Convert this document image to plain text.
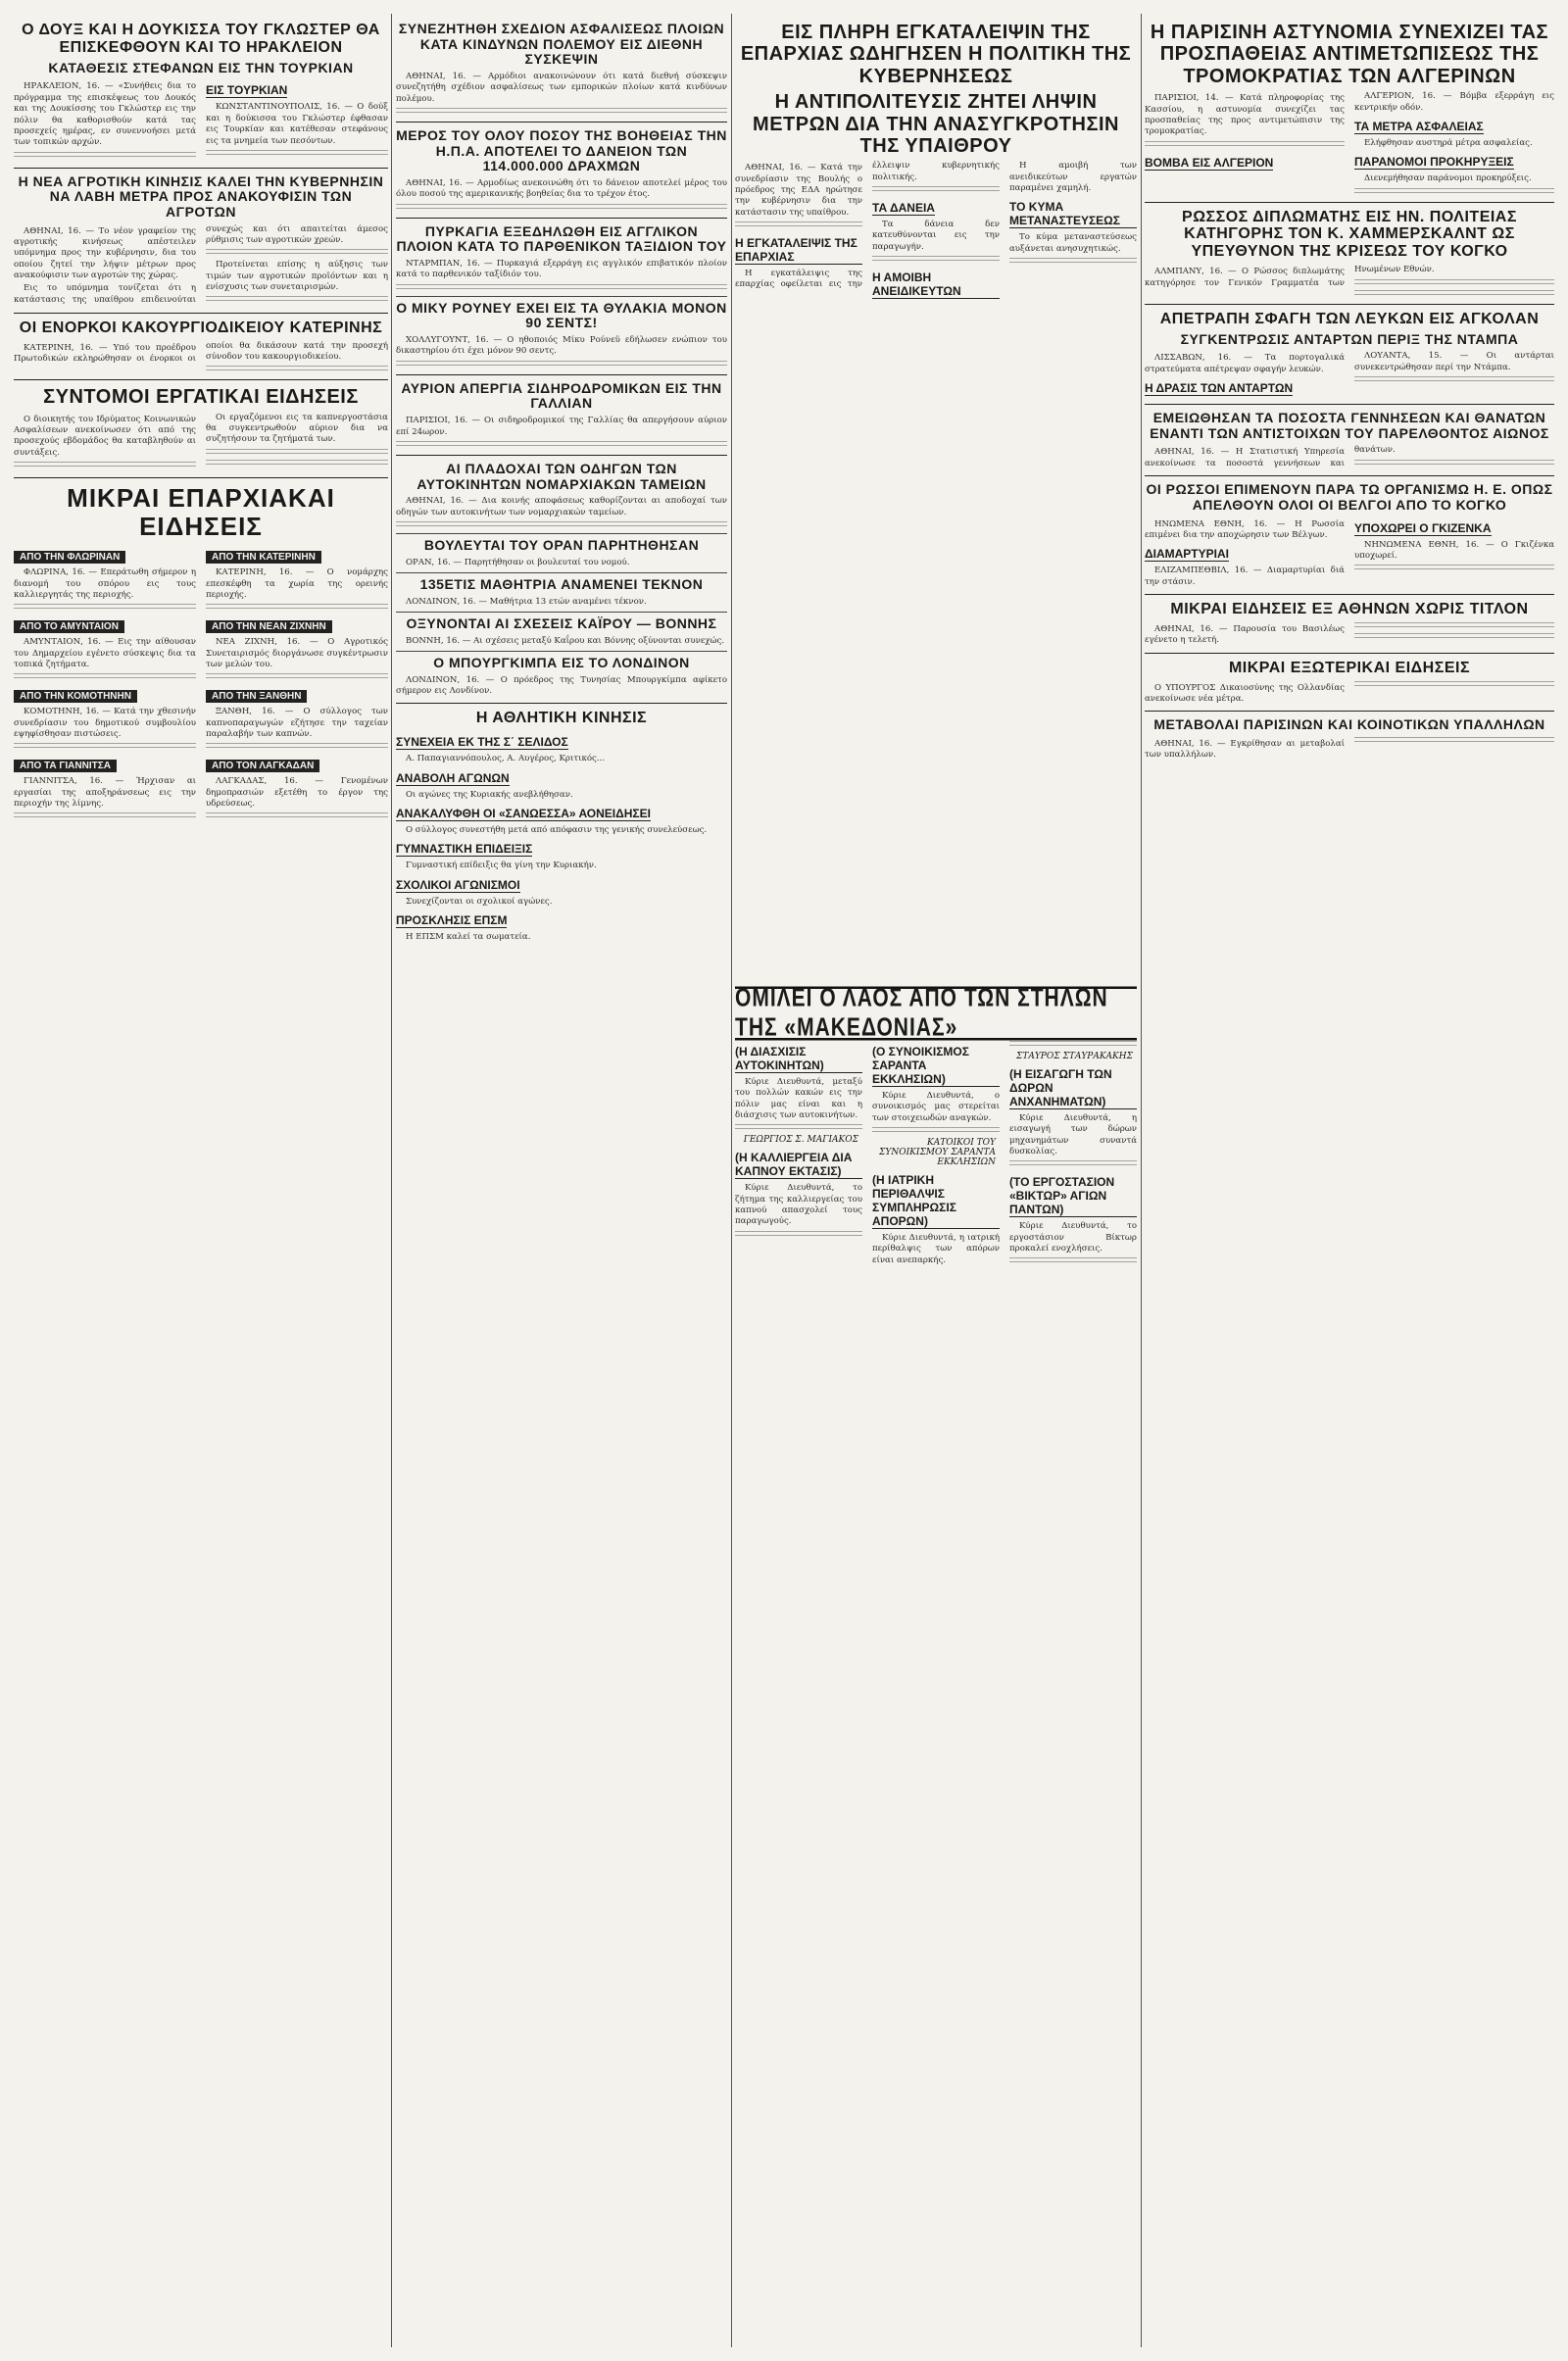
Ο ΔΟΥΞ ΚΑΙ Η ΔΟΥΚΙΣΣΑ ΤΟΥ ΓΚΛΩΣΤΕΡ ΘΑ ΕΠΙΣΚΕΦΘΟΥΝ ΚΑΙ ΤΟ ΗΡΑΚΛΕΙΟΝ
ΚΑΤΑΘΕΣΙΣ ΣΤΕΦΑΝΩΝ ΕΙΣ ΤΗΝ ΤΟΥΡΚΙΑΝ

ΗΡΑΚΛΕΙΟΝ, 16. — «Συνήθεις δια το πρόγραμμα της επισκέψεως του Δουκός και της Δουκίσσης του Γκλώστερ εις την πόλιν θα καθορισθούν κατά τας προσεχείς ημέρας, εν συνεννοήσει μετά των τοπικών αρχών.

ΕΙΣ ΤΟΥΡΚΙΑΝ

ΚΩΝΣΤΑΝΤΙΝΟΥΠΟΛΙΣ, 16. — Ο δούξ και η δούκισσα του Γκλώστερ έφθασαν εις Τουρκίαν και κατέθεσαν στεφάνους εις τα μνημεία των πεσόντων.

Η ΝΕΑ ΑΓΡΟΤΙΚΗ ΚΙΝΗΣΙΣ ΚΑΛΕΙ ΤΗΝ ΚΥΒΕΡΝΗΣΙΝ ΝΑ ΛΑΒΗ ΜΕΤΡΑ ΠΡΟΣ ΑΝΑΚΟΥΦΙΣΙΝ ΤΩΝ ΑΓΡΟΤΩΝ

ΑΘΗΝΑΙ, 16. — Το νέον γραφείον της αγροτικής κινήσεως απέστειλεν υπόμνημα προς την κυβέρνησιν, δια του οποίου ζητεί την λήψιν μέτρων προς ανακούφισιν των αγροτών της χώρας.

Εις το υπόμνημα τονίζεται ότι η κατάστασις της υπαίθρου επιδεινούται συνεχώς και ότι απαιτείται άμεσος ρύθμισις των αγροτικών χρεών.

Προτείνεται επίσης η αύξησις των τιμών των αγροτικών προϊόντων και η ενίσχυσις των συνεταιρισμών.

ΟΙ ΕΝΟΡΚΟΙ ΚΑΚΟΥΡΓΙΟΔΙΚΕΙΟΥ ΚΑΤΕΡΙΝΗΣ

ΚΑΤΕΡΙΝΗ, 16. — Υπό του προέδρου Πρωτοδικών εκληρώθησαν οι ένορκοι οι οποίοι θα δικάσουν κατά την προσεχή σύνοδον του κακουργιοδικείου.

ΣΥΝΤΟΜΟΙ ΕΡΓΑΤΙΚΑΙ ΕΙΔΗΣΕΙΣ

Ο διοικητής του Ιδρύματος Κοινωνικών Ασφαλίσεων ανεκοίνωσεν ότι από της προσεχούς εβδομάδος θα καταβληθούν αι συντάξεις.

Οι εργαζόμενοι εις τα καπνεργοστάσια θα συγκεντρωθούν αύριον δια να συζητήσουν τα ζητήματά των.

ΜΙΚΡΑΙ ΕΠΑΡΧΙΑΚΑΙ ΕΙΔΗΣΕΙΣ
ΑΠΟ ΤΗΝ ΦΛΩΡΙΝΑΝ

ΦΛΩΡΙΝΑ, 16. — Επεράτωθη σήμερον η διανομή του σπόρου εις τους καλλιεργητάς της περιοχής.

ΑΠΟ ΤΟ ΑΜΥΝΤΑΙΟΝ

ΑΜΥΝΤΑΙΟΝ, 16. — Εις την αίθουσαν του Δημαρχείου εγένετο σύσκεψις δια τα τοπικά ζητήματα.

ΑΠΟ ΤΗΝ ΚΟΜΟΤΗΝΗΝ

ΚΟΜΟΤΗΝΗ, 16. — Κατά την χθεσινήν συνεδρίασιν του δημοτικού συμβουλίου εψηφίσθησαν πιστώσεις.

ΑΠΟ ΤΑ ΓΙΑΝΝΙΤΣΑ

ΓΙΑΝΝΙΤΣΑ, 16. — Ήρχισαν αι εργασίαι της αποξηράνσεως εις την περιοχήν της λίμνης.

ΑΠΟ ΤΗΝ ΚΑΤΕΡΙΝΗΝ

ΚΑΤΕΡΙΝΗ, 16. — Ο νομάρχης επεσκέφθη τα χωρία της ορεινής περιοχής.

ΑΠΟ ΤΗΝ ΝΕΑΝ ΖΙΧΝΗΝ

ΝΕΑ ΖΙΧΝΗ, 16. — Ο Αγροτικός Συνεταιρισμός διοργάνωσε συγκέντρωσιν των μελών του.

ΑΠΟ ΤΗΝ ΞΑΝΘΗΝ

ΞΑΝΘΗ, 16. — Ο σύλλογος των καπνοπαραγωγών εζήτησε την ταχείαν παραλαβήν των καπνών.

ΑΠΟ ΤΟΝ ΛΑΓΚΑΔΑΝ

ΛΑΓΚΑΔΑΣ, 16. — Γενομένων δημοπρασιών εξετέθη το έργον της υδρεύσεως.

ΣΥΝΕΖΗΤΗΘΗ ΣΧΕΔΙΟΝ ΑΣΦΑΛΙΣΕΩΣ ΠΛΟΙΩΝ ΚΑΤΑ ΚΙΝΔΥΝΩΝ ΠΟΛΕΜΟΥ ΕΙΣ ΔΙΕΘΝΗ ΣΥΣΚΕΨΙΝ

ΑΘΗΝΑΙ, 16. — Αρμόδιοι ανακοινώνουν ότι κατά διεθνή σύσκεψιν συνεζητήθη σχέδιον ασφαλίσεως των εμπορικών πλοίων κατά κινδύνων πολέμου.

ΜΕΡΟΣ ΤΟΥ ΟΛΟΥ ΠΟΣΟΥ ΤΗΣ ΒΟΗΘΕΙΑΣ ΤΗΝ Η.Π.Α. ΑΠΟΤΕΛΕΙ ΤΟ ΔΑΝΕΙΟΝ ΤΩΝ 114.000.000 ΔΡΑΧΜΩΝ

ΑΘΗΝΑΙ, 16. — Αρμοδίως ανεκοινώθη ότι το δάνειον αποτελεί μέρος του όλου ποσού της αμερικανικής βοηθείας δια το τρέχον έτος.

ΠΥΡΚΑΓΙΑ ΕΞΕΔΗΛΩΘΗ ΕΙΣ ΑΓΓΛΙΚΟΝ ΠΛΟΙΟΝ ΚΑΤΑ ΤΟ ΠΑΡΘΕΝΙΚΟΝ ΤΑΞΙΔΙΟΝ ΤΟΥ

ΝΤΑΡΜΠΑΝ, 16. — Πυρκαγιά εξερράγη εις αγγλικόν επιβατικόν πλοίον κατά το παρθενικόν ταξίδιόν του.

Ο ΜΙΚΥ ΡΟΥΝΕΥ ΕΧΕΙ ΕΙΣ ΤΑ ΘΥΛΑΚΙΑ ΜΟΝΟΝ 90 ΣΕΝΤΣ!

ΧΟΛΛΥΓΟΥΝΤ, 16. — Ο ηθοποιός Μίκυ Ρούνεϋ εδήλωσεν ενώπιον του δικαστηρίου ότι έχει μόνον 90 σεντς.

ΑΥΡΙΟΝ ΑΠΕΡΓΙΑ ΣΙΔΗΡΟΔΡΟΜΙΚΩΝ ΕΙΣ ΤΗΝ ΓΑΛΛΙΑΝ

ΠΑΡΙΣΙΟΙ, 16. — Οι σιδηροδρομικοί της Γαλλίας θα απεργήσουν αύριον επί 24ωρον.

ΑΙ ΠΛΑΔΟΧΑΙ ΤΩΝ ΟΔΗΓΩΝ ΤΩΝ ΑΥΤΟΚΙΝΗΤΩΝ ΝΟΜΑΡΧΙΑΚΩΝ ΤΑΜΕΙΩΝ

ΑΘΗΝΑΙ, 16. — Δια κοινής αποφάσεως καθορίζονται αι αποδοχαί των οδηγών των αυτοκινήτων των νομαρχιακών ταμείων.

ΒΟΥΛΕΥΤΑΙ ΤΟΥ ΟΡΑΝ ΠΑΡΗΤΗΘΗΣΑΝ

ΟΡΑΝ, 16. — Παρητήθησαν οι βουλευταί του νομού.

135ΕΤΙΣ ΜΑΘΗΤΡΙΑ ΑΝΑΜΕΝΕΙ ΤΕΚΝΟΝ

ΛΟΝΔΙΝΟΝ, 16. — Μαθήτρια 13 ετών αναμένει τέκνον.

ΟΞΥΝΟΝΤΑΙ ΑΙ ΣΧΕΣΕΙΣ ΚΑΪΡΟΥ — ΒΟΝΝΗΣ

ΒΟΝΝΗ, 16. — Αι σχέσεις μεταξύ Καΐρου και Βόννης οξύνονται συνεχώς.

Ο ΜΠΟΥΡΓΚΙΜΠΑ ΕΙΣ ΤΟ ΛΟΝΔΙΝΟΝ

ΛΟΝΔΙΝΟΝ, 16. — Ο πρόεδρος της Τυνησίας Μπουργκίμπα αφίκετο σήμερον εις Λονδίνον.

Η ΑΘΛΗΤΙΚΗ ΚΙΝΗΣΙΣ
ΣΥΝΕΧΕΙΑ ΕΚ ΤΗΣ Σ΄ ΣΕΛΙΔΟΣ

Α. Παπαγιαννόπουλος, Α. Αυγέρος, Κριτικός...

ΑΝΑΒΟΛΗ ΑΓΩΝΩΝ

Οι αγώνες της Κυριακής ανεβλήθησαν.

ΑΝΑΚΑΛΥΦΘΗ ΟΙ «ΣΑΝΩΕΣΣΑ» ΑΟΝΕΙΔΗΣΕΙ

Ο σύλλογος συνεστήθη μετά από απόφασιν της γενικής συνελεύσεως.

ΓΥΜΝΑΣΤΙΚΗ ΕΠΙΔΕΙΞΙΣ

Γυμναστική επίδειξις θα γίνη την Κυριακήν.

ΣΧΟΛΙΚΟΙ ΑΓΩΝΙΣΜΟΙ

Συνεχίζονται οι σχολικοί αγώνες.

ΠΡΟΣΚΛΗΣΙΣ ΕΠΣΜ

Η ΕΠΣΜ καλεί τα σωματεία.

ΕΙΣ ΠΛΗΡΗ ΕΓΚΑΤΑΛΕΙΨΙΝ ΤΗΣ ΕΠΑΡΧΙΑΣ ΩΔΗΓΗΣΕΝ Η ΠΟΛΙΤΙΚΗ ΤΗΣ ΚΥΒΕΡΝΗΣΕΩΣ
Η ΑΝΤΙΠΟΛΙΤΕΥΣΙΣ ΖΗΤΕΙ ΛΗΨΙΝ ΜΕΤΡΩΝ ΔΙΑ ΤΗΝ ΑΝΑΣΥΓΚΡΟΤΗΣΙΝ ΤΗΣ ΥΠΑΙΘΡΟΥ

ΑΘΗΝΑΙ, 16. — Κατά την συνεδρίασιν της Βουλής ο πρόεδρος της ΕΔΑ ηρώτησε την κυβέρνησιν δια την κατάστασιν της υπαίθρου.

Η ΕΓΚΑΤΑΛΕΙΨΙΣ ΤΗΣ ΕΠΑΡΧΙΑΣ

Η εγκατάλειψις της επαρχίας οφείλεται εις την έλλειψιν κυβερνητικής πολιτικής.

ΤΑ ΔΑΝΕΙΑ

Τα δάνεια δεν κατευθύνονται εις την παραγωγήν.

Η ΑΜΟΙΒΗ ΑΝΕΙΔΙΚΕΥΤΩΝ

Η αμοιβή των ανειδικεύτων εργατών παραμένει χαμηλή.

ΤΟ ΚΥΜΑ ΜΕΤΑΝΑΣΤΕΥΣΕΩΣ

Το κύμα μεταναστεύσεως αυξάνεται ανησυχητικώς.

ΟΜΙΛΕΙ Ο ΛΑΟΣ ΑΠΟ ΤΩΝ ΣΤΗΛΩΝ ΤΗΣ «ΜΑΚΕΔΟΝΙΑΣ»
(Η ΔΙΑΣΧΙΣΙΣ ΑΥΤΟΚΙΝΗΤΩΝ)

Κύριε Διευθυντά, μεταξύ του πολλών κακών εις την πόλιν μας είναι και η διάσχισις των αυτοκινήτων.

ΓΕΩΡΓΙΟΣ Σ. ΜΑΓΙΑΚΟΣ
(Η ΚΑΛΛΙΕΡΓΕΙΑ ΔΙΑ ΚΑΠΝΟΥ ΕΚΤΑΣΙΣ)

Κύριε Διευθυντά, το ζήτημα της καλλιεργείας του καπνού απασχολεί τους παραγωγούς.

(Ο ΣΥΝΟΙΚΙΣΜΟΣ ΣΑΡΑΝΤΑ ΕΚΚΛΗΣΙΩΝ)

Κύριε Διευθυντά, ο συνοικισμός μας στερείται των στοιχειωδών αναγκών.

ΚΑΤΟΙΚΟΙ ΤΟΥ ΣΥΝΟΙΚΙΣΜΟΥ ΣΑΡΑΝΤΑ ΕΚΚΛΗΣΙΩΝ
(Η ΙΑΤΡΙΚΗ ΠΕΡΙΘΑΛΨΙΣ ΣΥΜΠΛΗΡΩΣΙΣ ΑΠΟΡΩΝ)

Κύριε Διευθυντά, η ιατρική περίθαλψις των απόρων είναι ανεπαρκής.

ΣΤΑΥΡΟΣ ΣΤΑΥΡΑΚΑΚΗΣ
(Η ΕΙΣΑΓΩΓΗ ΤΩΝ ΔΩΡΩΝ ΑΝΧΑΝΗΜΑΤΩΝ)

Κύριε Διευθυντά, η εισαγωγή των δώρων μηχανημάτων συναντά δυσκολίας.

(ΤΟ ΕΡΓΟΣΤΑΣΙΟΝ «ΒΙΚΤΩΡ» ΑΓΙΩΝ ΠΑΝΤΩΝ)

Κύριε Διευθυντά, το εργοστάσιον Βίκτωρ προκαλεί ενοχλήσεις.

Η ΠΑΡΙΣΙΝΗ ΑΣΤΥΝΟΜΙΑ ΣΥΝΕΧΙΖΕΙ ΤΑΣ ΠΡΟΣΠΑΘΕΙΑΣ ΑΝΤΙΜΕΤΩΠΙΣΕΩΣ ΤΗΣ ΤΡΟΜΟΚΡΑΤΙΑΣ ΤΩΝ ΑΛΓΕΡΙΝΩΝ

ΠΑΡΙΣΙΟΙ, 14. — Κατά πληροφορίας της Κασσίου, η αστυνομία συνεχίζει τας προσπαθείας της προς αντιμετώπισιν της τρομοκρατίας.

ΒΟΜΒΑ ΕΙΣ ΑΛΓΕΡΙΟΝ

ΑΛΓΕΡΙΟΝ, 16. — Βόμβα εξερράγη εις κεντρικήν οδόν.

ΤΑ ΜΕΤΡΑ ΑΣΦΑΛΕΙΑΣ

Ελήφθησαν αυστηρά μέτρα ασφαλείας.

ΠΑΡΑΝΟΜΟΙ ΠΡΟΚΗΡΥΞΕΙΣ

Διενεμήθησαν παράνομοι προκηρύξεις.

ΡΩΣΣΟΣ ΔΙΠΛΩΜΑΤΗΣ ΕΙΣ ΗΝ. ΠΟΛΙΤΕΙΑΣ ΚΑΤΗΓΟΡΗΣ ΤΟΝ Κ. ΧΑΜΜΕΡΣΚΑΛΝΤ ΩΣ ΥΠΕΥΘΥΝΟΝ ΤΗΣ ΚΡΙΣΕΩΣ ΤΟΥ ΚΟΓΚΟ

ΑΛΜΠΑΝΥ, 16. — Ο Ρώσσος διπλωμάτης κατηγόρησε τον Γενικόν Γραμματέα των Ηνωμένων Εθνών.

ΑΠΕΤΡΑΠΗ ΣΦΑΓΗ ΤΩΝ ΛΕΥΚΩΝ ΕΙΣ ΑΓΚΟΛΑΝ
ΣΥΓΚΕΝΤΡΩΣΙΣ ΑΝΤΑΡΤΩΝ ΠΕΡΙΞ ΤΗΣ ΝΤΑΜΠΑ

ΛΙΣΣΑΒΩΝ, 16. — Τα πορτογαλικά στρατεύματα απέτρεψαν σφαγήν λευκών.

Η ΔΡΑΣΙΣ ΤΩΝ ΑΝΤΑΡΤΩΝ

ΛΟΥΑΝΤΑ, 15. — Οι αντάρται συνεκεντρώθησαν περί την Ντάμπα.

ΕΜΕΙΩΘΗΣΑΝ ΤΑ ΠΟΣΟΣΤΑ ΓΕΝΝΗΣΕΩΝ ΚΑΙ ΘΑΝΑΤΩΝ ΕΝΑΝΤΙ ΤΩΝ ΑΝΤΙΣΤΟΙΧΩΝ ΤΟΥ ΠΑΡΕΛΘΟΝΤΟΣ ΑΙΩΝΟΣ

ΑΘΗΝΑΙ, 16. — Η Στατιστική Υπηρεσία ανεκοίνωσε τα ποσοστά γεννήσεων και θανάτων.

ΟΙ ΡΩΣΣΟΙ ΕΠΙΜΕΝΟΥΝ ΠΑΡΑ ΤΩ ΟΡΓΑΝΙΣΜΩ Η. Ε. ΟΠΩΣ ΑΠΕΛΘΟΥΝ ΟΛΟΙ ΟΙ ΒΕΛΓΟΙ ΑΠΟ ΤΟ ΚΟΓΚΟ

ΗΝΩΜΕΝΑ ΕΘΝΗ, 16. — Η Ρωσσία επιμένει δια την αποχώρησιν των Βέλγων.

ΔΙΑΜΑΡΤΥΡΙΑΙ

ΕΛΙΖΑΜΠΕΘΒΙΛ, 16. — Διαμαρτυρίαι διά την στάσιν.

ΥΠΟΧΩΡΕΙ Ο ΓΚΙΖΕΝΚΑ

ΝΗΝΩΜΕΝΑ ΕΘΝΗ, 16. — Ο Γκιζένκα υποχωρεί.

ΜΙΚΡΑΙ ΕΙΔΗΣΕΙΣ ΕΞ ΑΘΗΝΩΝ ΧΩΡΙΣ ΤΙΤΛΟΝ

ΑΘΗΝΑΙ, 16. — Παρουσία του Βασιλέως εγένετο η τελετή.

ΜΙΚΡΑΙ ΕΞΩΤΕΡΙΚΑΙ ΕΙΔΗΣΕΙΣ

Ο ΥΠΟΥΡΓΟΣ Δικαιοσύνης της Ολλανδίας ανεκοίνωσε νέα μέτρα.

ΜΕΤΑΒΟΛΑΙ ΠΑΡΙΣΙΝΩΝ ΚΑΙ ΚΟΙΝΟΤΙΚΩΝ ΥΠΑΛΛΗΛΩΝ

ΑΘΗΝΑΙ, 16. — Εγκρίθησαν αι μεταβολαί των υπαλλήλων.
